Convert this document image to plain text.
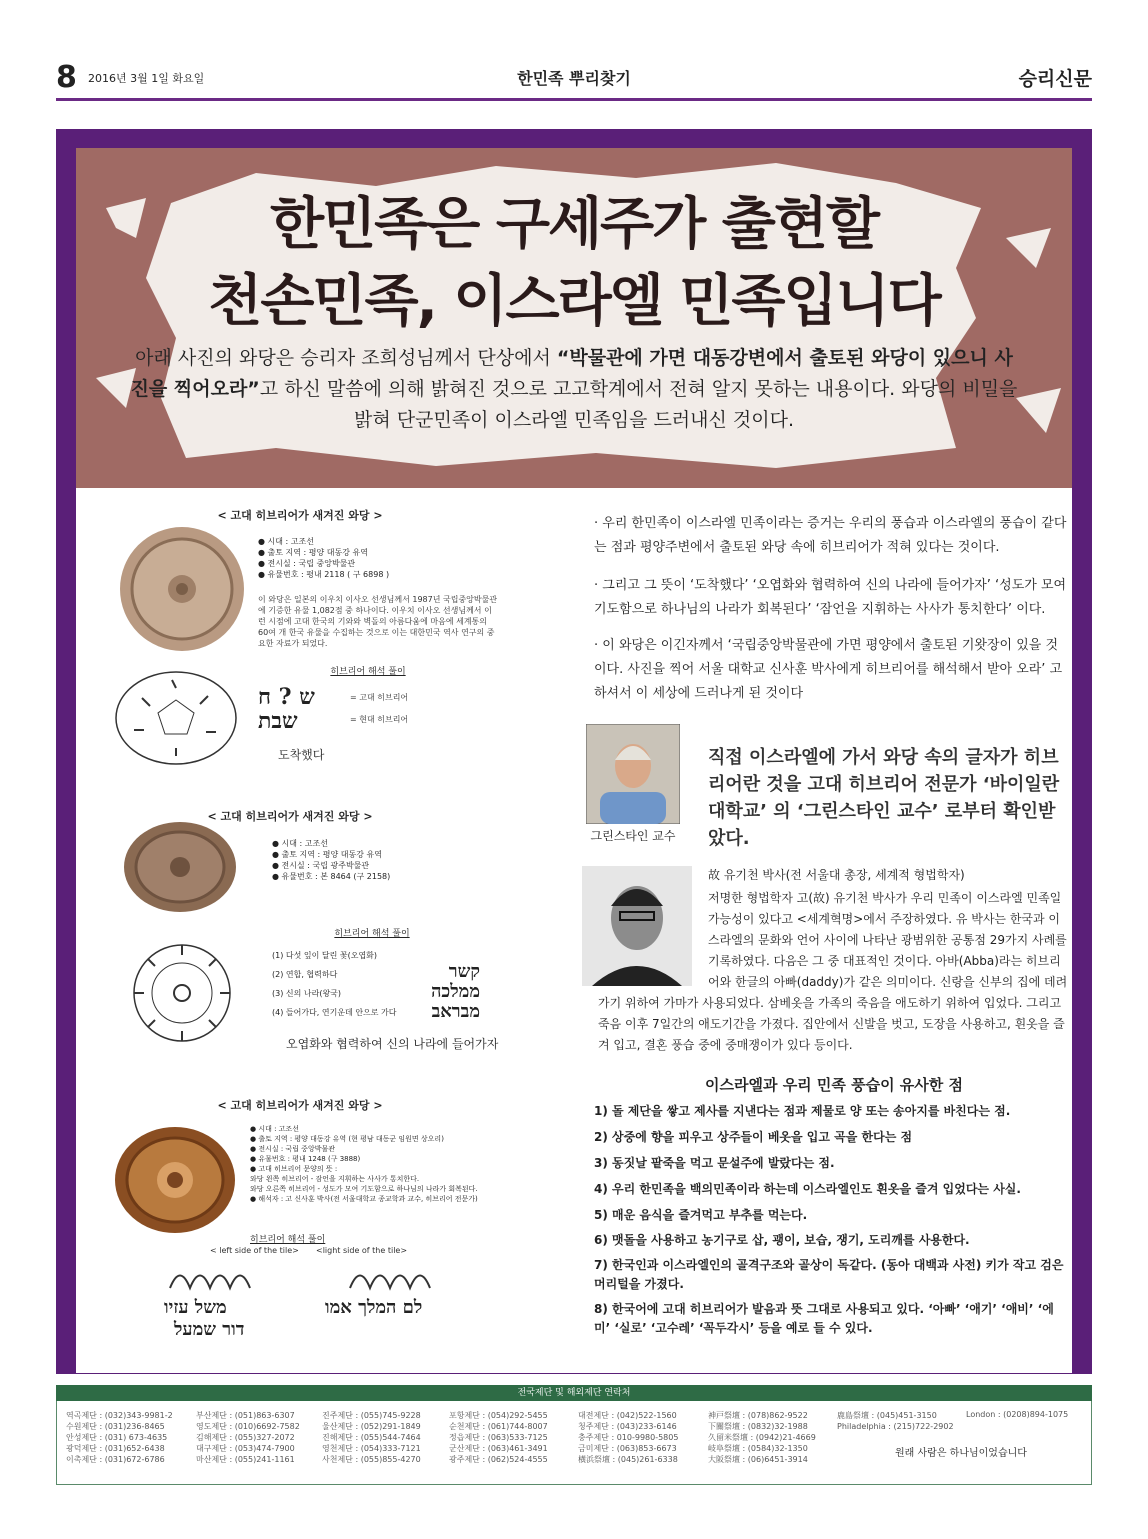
8 2016년 3월 1일 화요일	한민족 뿌리찾기	승리신문
한민족은 구세주가 출현할
천손민족, 이스라엘 민족입니다
아래 사진의 와당은 승리자 조희성님께서 단상에서 “박물관에 가면 대동강변에서 출토된 와당이 있으니 사진을 찍어오라”고 하신 말씀에 의해 밝혀진 것으로 고고학계에서 전혀 알지 못하는 내용이다. 와당의 비밀을 밝혀 단군민족이 이스라엘 민족임을 드러내신 것이다.
< 고대 히브리어가 새겨진 와당 >
● 시대 : 고조선
● 출토 지역 : 평양 대동강 유역
● 전시실 : 국립 중앙박물관
● 유물번호 : 평내 2118 ( 구 6898 )
이 와당은 일본의 이우치 이사오 선생님께서 1987년 국립중앙박물관에 기증한 유물 1,082점 중 하나이다. 이우치 이사오 선생님께서 이런 시점에 고대 한국의 기와와 벽돌의 아름다움에 마음에 세계통의 60여 개 한국 유물을 수집하는 것으로 이는 대한민국 역사 연구의 중요한 자료가 되었다.
히브리어 해석 풀이
ש ? ח
שבת
= 고대 히브리어
= 현대 히브리어
도착했다
< 고대 히브리어가 새겨진 와당 >
● 시대 : 고조선
● 출토 지역 : 평양 대동강 유역
● 전시실 : 국립 광주박물관
● 유물번호 : 본 8464 (구 2158)
히브리어 해석 풀이
(1) 다섯 잎이 달린 꽃(오엽화)
(2) 연합, 협력하다
(3) 신의 나라(왕국)
(4) 들어가다, 연기운데 안으로 가다
קשר
ממלכה
מבראב
오엽화와 협력하여 신의 나라에 들어가자
< 고대 히브리어가 새겨진 와당 >
● 시대 : 고조선
● 출토 지역 : 평양 대동강 유역 (현 평남 대동군 임원면 상오리)
● 전시실 : 국립 중앙박물관
● 유물번호 : 평내 1248 (구 3888)
● 고대 히브리어 문양의 뜻 :
와당 왼쪽 히브리어 - 잠언을 지휘하는 사사가 통치한다.
와당 오른쪽 히브리어 - 성도가 모여 기도함으로 하나님의 나라가 회복된다.
● 해석자 : 고 신사훈 박사(전 서울대학교 종교학과 교수, 히브리어 전문가)
히브리어 해석 풀이
< left side of the tile> <light side of the tile>
משל עזיו
דור שמעל
לם המלך אמו
· 우리 한민족이 이스라엘 민족이라는 증거는 우리의 풍습과 이스라엘의 풍습이 같다는 점과 평양주변에서 출토된 와당 속에 히브리어가 적혀 있다는 것이다.
· 그리고 그 뜻이 ‘도착했다’ ‘오엽화와 협력하여 신의 나라에 들어가자’ ‘성도가 모여 기도함으로 하나님의 나라가 회복된다’ ‘잠언을 지휘하는 사사가 통치한다’ 이다.
· 이 와당은 이긴자께서 ‘국립중앙박물관에 가면 평양에서 출토된 기왓장이 있을 것이다. 사진을 찍어 서울 대학교 신사훈 박사에게 히브리어를 해석해서 받아 오라’ 고 하셔서 이 세상에 드러나게 된 것이다
직접 이스라엘에 가서 와당 속의 글자가 히브리어란 것을 고대 히브리어 전문가 ‘바이일란 대학교’ 의 ‘그린스타인 교수’ 로부터 확인받았다.
그린스타인 교수
故 유기천 박사(전 서울대 총장, 세계적 형법학자)
저명한 형법학자 고(故) 유기천 박사가 우리 민족이 이스라엘 민족일 가능성이 있다고 <세계혁명>에서 주장하였다. 유 박사는 한국과 이스라엘의 문화와 언어 사이에 나타난 광범위한 공통점 29가지 사례를 기록하였다. 다음은 그 중 대표적인 것이다. 아바(Abba)라는 히브리어와 한글의 아빠(daddy)가 같은 의미이다. 신랑을 신부의 집에 데려가기 위하여 가마가 사용되었다. 삼베옷을 가족의 죽음을 애도하기 위하여 입었다. 그리고 죽음 이후 7일간의 애도기간을 가졌다. 집안에서 신발을 벗고, 도장을 사용하고, 흰옷을 즐겨 입고, 결혼 풍습 중에 중매쟁이가 있다 등이다.
이스라엘과 우리 민족 풍습이 유사한 점
1) 돌 제단을 쌓고 제사를 지낸다는 점과 제물로 양 또는 송아지를 바친다는 점.
2) 상중에 향을 피우고 상주들이 베옷을 입고 곡을 한다는 점
3) 동짓날 팥죽을 먹고 문설주에 발랐다는 점.
4) 우리 한민족을 백의민족이라 하는데 이스라엘인도 흰옷을 즐겨 입었다는 사실.
5) 매운 음식을 즐겨먹고 부추를 먹는다.
6) 맷돌을 사용하고 농기구로 삽, 괭이, 보습, 쟁기, 도리깨를 사용한다.
7) 한국인과 이스라엘인의 골격구조와 골상이 독같다. (동아 대백과 사전) 키가 작고 검은 머리털을 가졌다.
8) 한국어에 고대 히브리어가 발음과 뜻 그대로 사용되고 있다. ‘아빠’ ‘애기’ ‘애비’ ‘에미’ ‘실로’ ‘고수레’ ‘꼭두각시’ 등을 예로 들 수 있다.
전국제단 및 해외제단 연락처
역곡제단 : (032)343-9981-2
수원제단 : (031)236-8465
안성제단 : (031) 673-4635
광덕제단 : (031)652-6438
이촉제단 : (031)672-6786
부산제단 : (051)863-6307
영도제단 : (010)6692-7582
김해제단 : (055)327-2072
대구제단 : (053)474-7900
마산제단 : (055)241-1161
진주제단 : (055)745-9228
울산제단 : (052)291-1849
진해제단 : (055)544-7464
영천제단 : (054)333-7121
사천제단 : (055)855-4270
포항제단 : (054)292-5455
순천제단 : (061)744-8007
정읍제단 : (063)533-7125
군산제단 : (063)461-3491
광주제단 : (062)524-4555
대전제단 : (042)522-1560
청주제단 : (043)233-6146
충주제단 : 010-9980-5805
금미제단 : (063)853-6673
橫浜祭壇 : (045)261-6338
神戸祭壇 : (078)862-9522
下關祭壇 : (0832)32-1988
久留米祭壇 : (0942)21-4669
岐阜祭壇 : (0584)32-1350
大阪祭壇 : (06)6451-3914
鹿島祭壇 : (045)451-3150
Philadelphia : (215)722-2902
London : (0208)894-1075
원래 사람은 하나님이었습니다
